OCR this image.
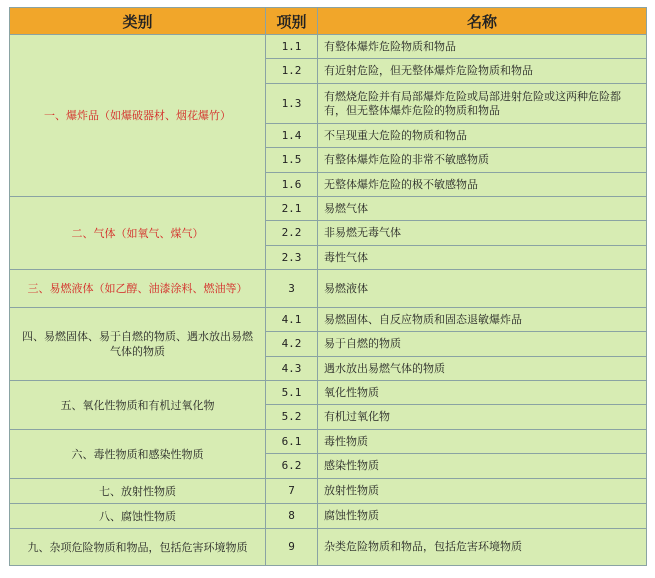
类别	项别	名称
一、爆炸品（如爆破器材、烟花爆竹）	1.1	有整体爆炸危险物质和物品
	1.2	有近射危险，但无整体爆炸危险物质和物品
	1.3	有燃烧危险并有局部爆炸危险或局部进射危险或这两种危险都有，但无整体爆炸危险的物质和物品
	1.4	不呈现重大危险的物质和物品
	1.5	有整体爆炸危险的非常不敏感物质
	1.6	无整体爆炸危险的极不敏感物品
二、气体（如氧气、煤气）	2.1	易燃气体
	2.2	非易燃无毒气体
	2.3	毒性气体
三、易燃液体（如乙醇、油漆涂料、燃油等）	3	易燃液体
四、易燃固体、易于自燃的物质、遇水放出易燃气体的物质	4.1	易燃固体、自反应物质和固态退敏爆炸品
	4.2	易于自燃的物质
	4.3	遇水放出易燃气体的物质
五、氧化性物质和有机过氧化物	5.1	氧化性物质
	5.2	有机过氧化物
六、毒性物质和感染性物质	6.1	毒性物质
	6.2	感染性物质
七、放射性物质	7	放射性物质
八、腐蚀性物质	8	腐蚀性物质
九、杂项危险物质和物品，包括危害环境物质	9	杂类危险物质和物品，包括危害环境物质
